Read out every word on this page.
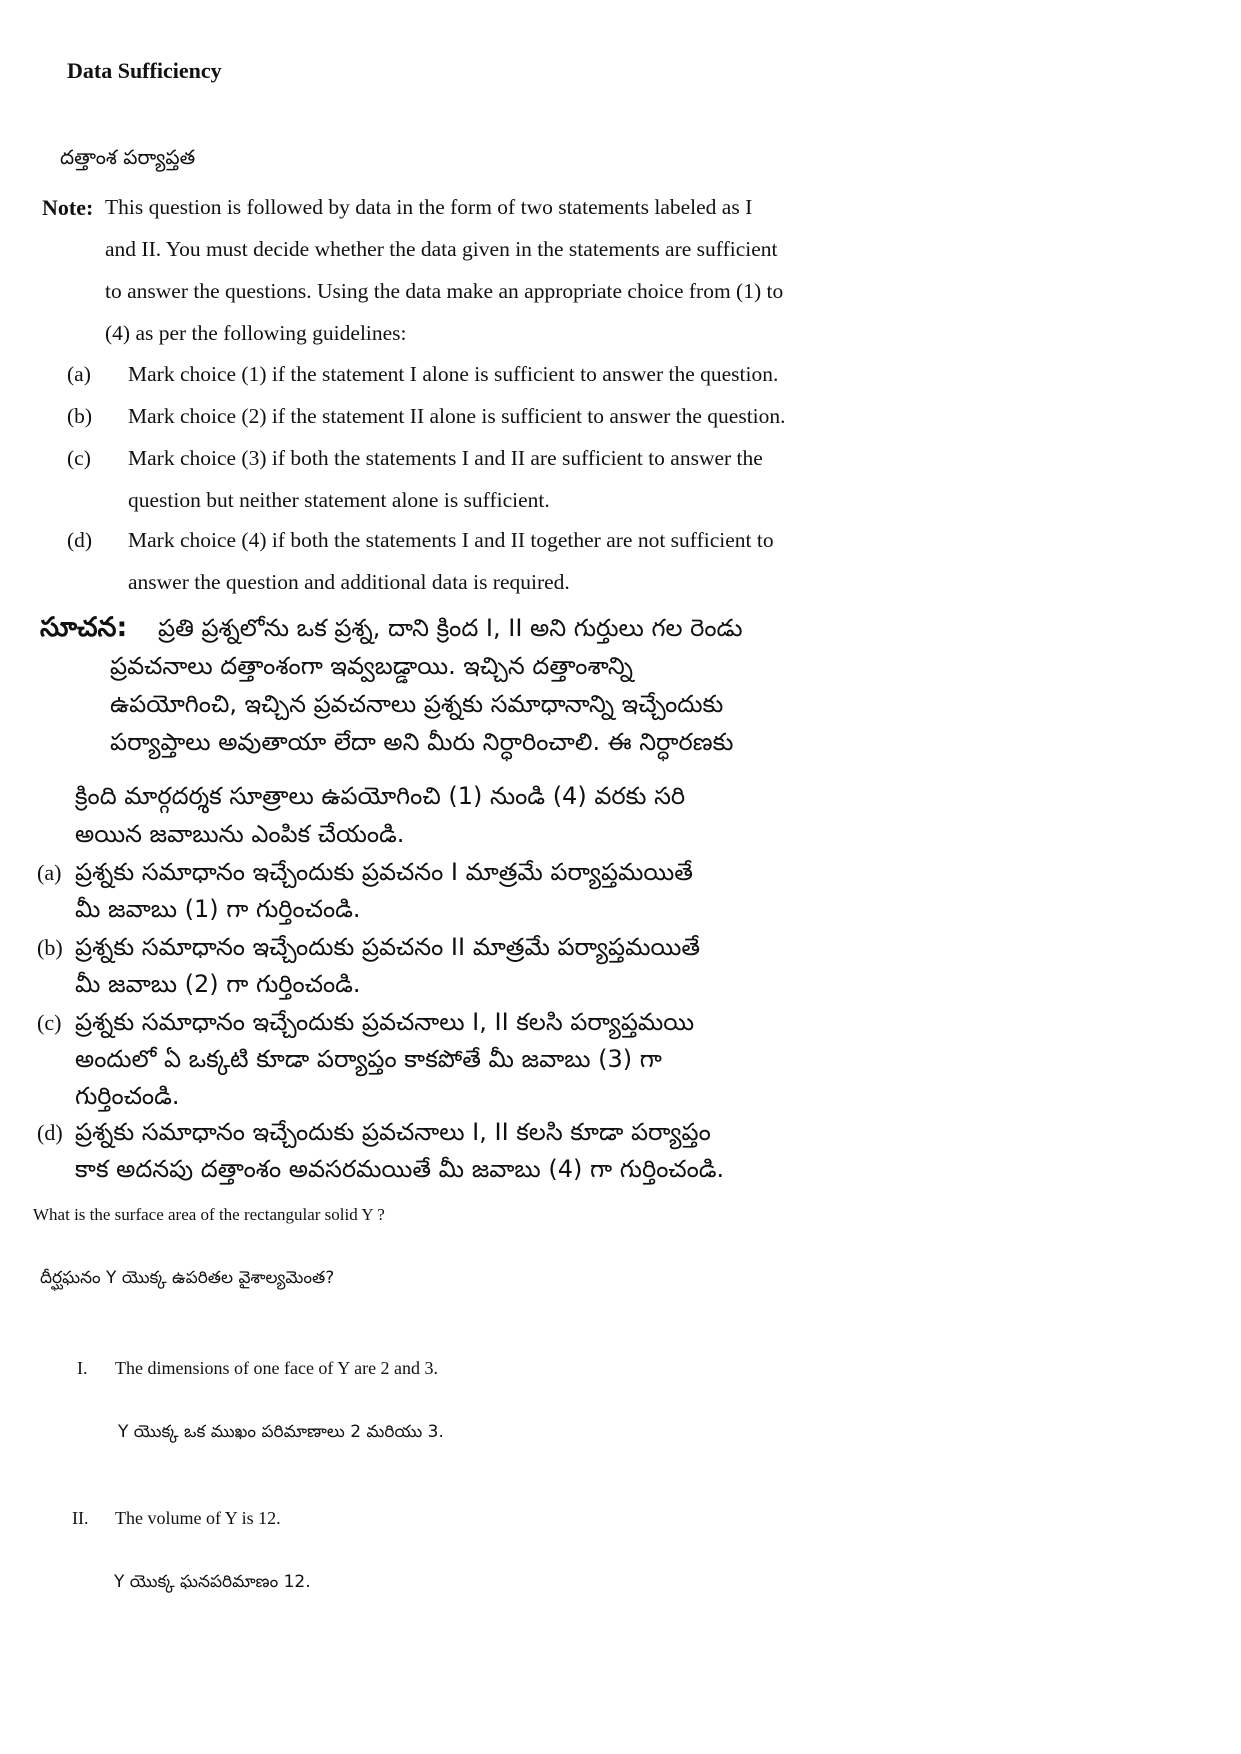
Data Sufficiency
దత్తాంశ పర్యాప్తత
Note: This question is followed by data in the form of two statements labeled as I
and II. You must decide whether the data given in the statements are sufficient
to answer the questions. Using the data make an appropriate choice from (1) to
(4) as per the following guidelines:
(a) Mark choice (1) if the statement I alone is sufficient to answer the question.
(b) Mark choice (2) if the statement II alone is sufficient to answer the question.
(c) Mark choice (3) if both the statements I and II are sufficient to answer the
question but neither statement alone is sufficient.
(d) Mark choice (4) if both the statements I and II together are not sufficient to
answer the question and additional data is required.
సూచన: ప్రతి ప్రశ్నలోను ఒక ప్రశ్న, దాని క్రింద I, II అని గుర్తులు గల రెండు
ప్రవచనాలు దత్తాంశంగా ఇవ్వబడ్డాయి. ఇచ్చిన దత్తాంశాన్ని
ఉపయోగించి, ఇచ్చిన ప్రవచనాలు ప్రశ్నకు సమాధానాన్ని ఇచ్చేందుకు
పర్యాప్తాలు అవుతాయా లేదా అని మీరు నిర్ధారించాలి. ఈ నిర్ధారణకు
క్రింది మార్గదర్శక సూత్రాలు ఉపయోగించి (1) నుండి (4) వరకు సరి
అయిన జవాబును ఎంపిక చేయండి.
(a) ప్రశ్నకు సమాధానం ఇచ్చేందుకు ప్రవచనం I మాత్రమే పర్యాప్తమయితే
మీ జవాబు (1) గా గుర్తించండి.
(b) ప్రశ్నకు సమాధానం ఇచ్చేందుకు ప్రవచనం II మాత్రమే పర్యాప్తమయితే
మీ జవాబు (2) గా గుర్తించండి.
(c) ప్రశ్నకు సమాధానం ఇచ్చేందుకు ప్రవచనాలు I, II కలసి పర్యాప్తమయి
అందులో ఏ ఒక్కటి కూడా పర్యాప్తం కాకపోతే మీ జవాబు (3) గా
గుర్తించండి.
(d) ప్రశ్నకు సమాధానం ఇచ్చేందుకు ప్రవచనాలు I, II కలసి కూడా పర్యాప్తం
కాక అదనపు దత్తాంశం అవసరమయితే మీ జవాబు (4) గా గుర్తించండి.
What is the surface area of the rectangular solid Y ?
దీర్ఘఘనం Y యొక్క ఉపరితల వైశాల్యమెంత?
I. The dimensions of one face of Y are 2 and 3.
Y యొక్క ఒక ముఖం పరిమాణాలు 2 మరియు 3.
II. The volume of Y is 12.
Y యొక్క ఘనపరిమాణం 12.
